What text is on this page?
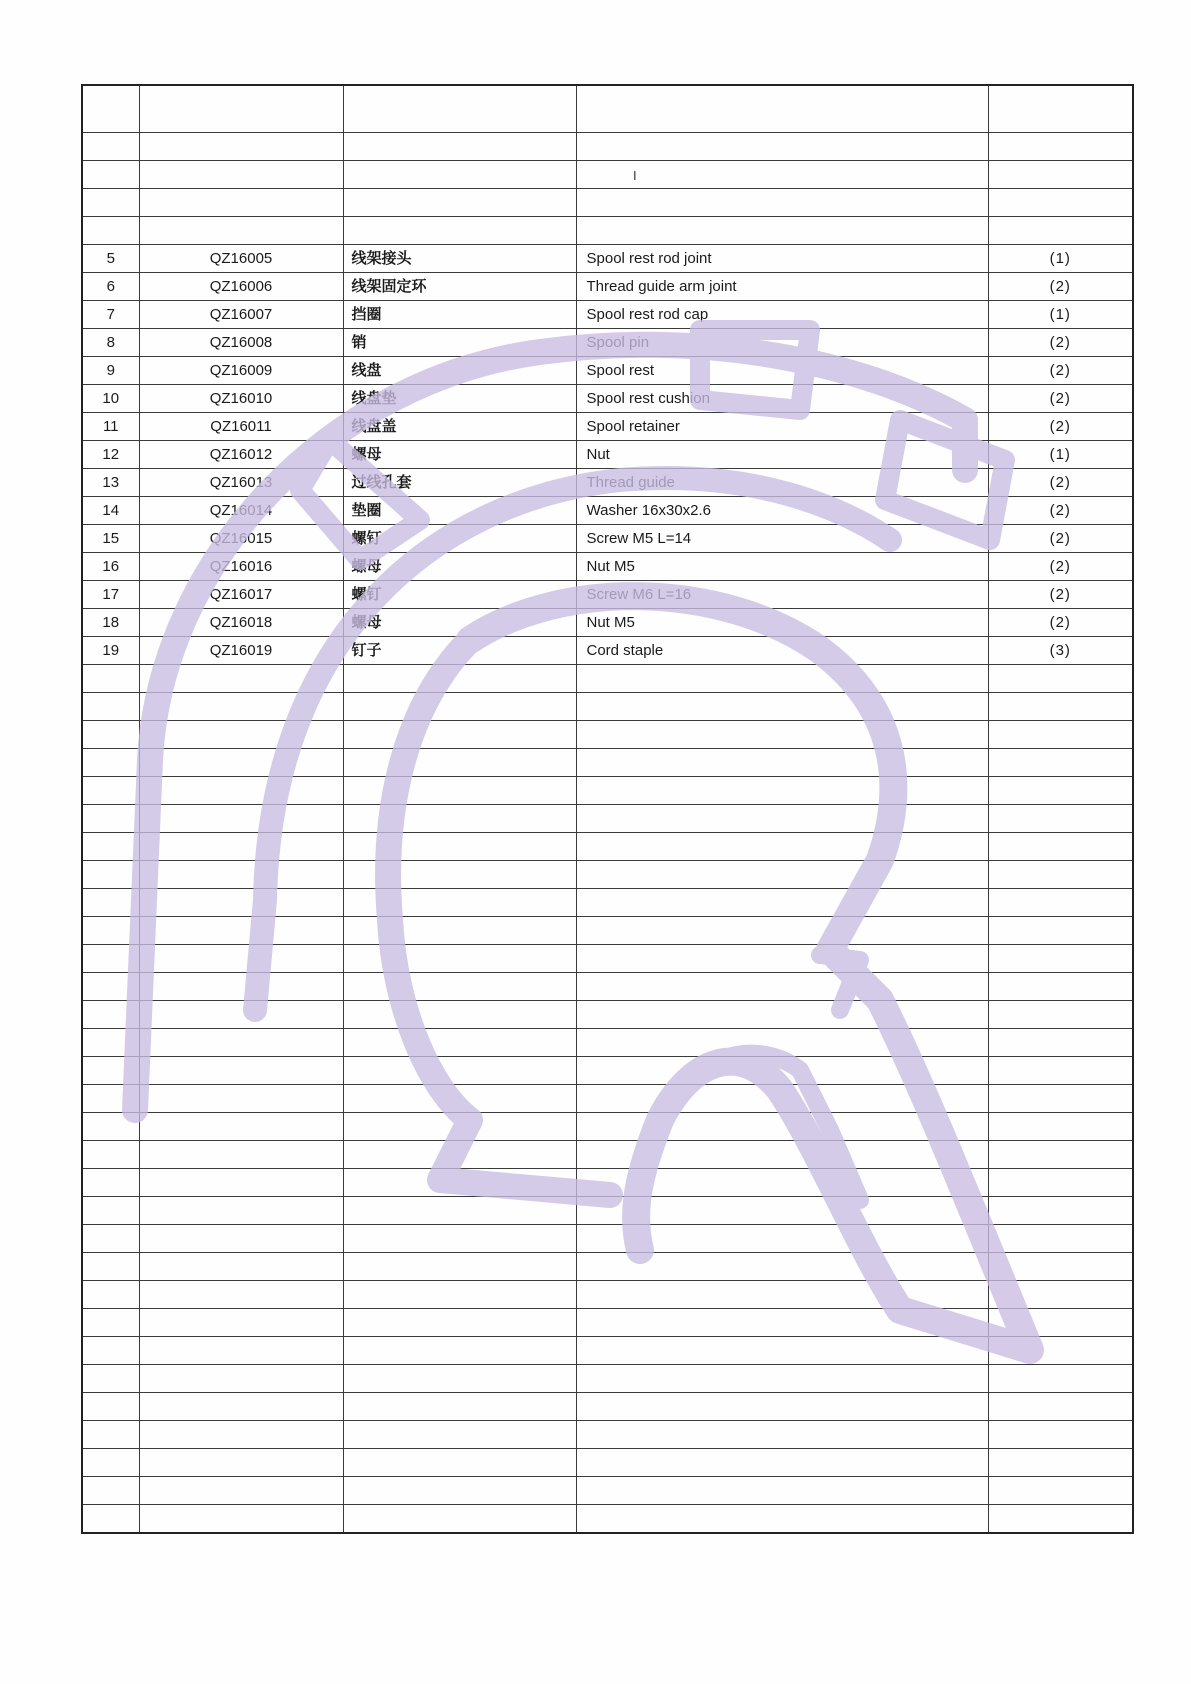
5	QZ16005	线架接头	Spool rest rod joint	(1)
6	QZ16006	线架固定环	Thread guide arm joint	(2)
7	QZ16007	挡圈	Spool rest rod cap	(1)
8	QZ16008	销	Spool pin	(2)
9	QZ16009	线盘	Spool rest	(2)
10	QZ16010	线盘垫	Spool rest cushion	(2)
11	QZ16011	线盘盖	Spool retainer	(2)
12	QZ16012	螺母	Nut	(1)
13	QZ16013	过线孔套	Thread guide	(2)
14	QZ16014	垫圈	Washer 16x30x2.6	(2)
15	QZ16015	螺钉	Screw M5 L=14	(2)
16	QZ16016	螺母	Nut M5	(2)
17	QZ16017	螺钉	Screw M6 L=16	(2)
18	QZ16018	螺母	Nut M5	(2)
19	QZ16019	钉子	Cord staple	(3)

I
